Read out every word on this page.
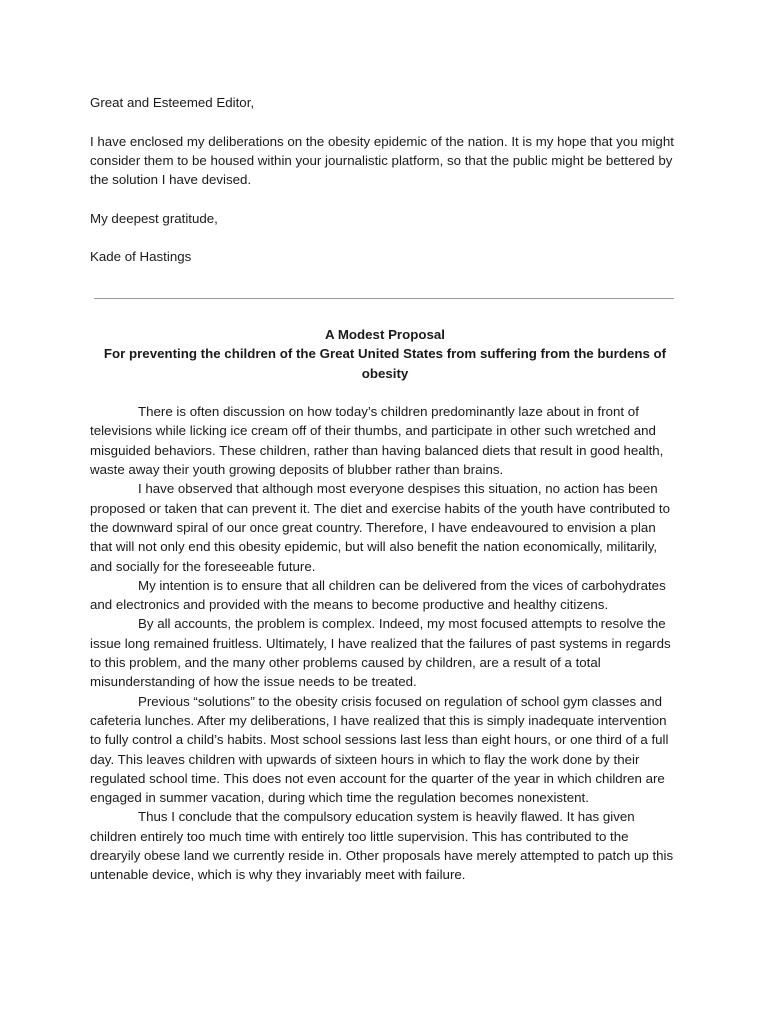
Great and Esteemed Editor,

I have enclosed my deliberations on the obesity epidemic of the nation. It is my hope that you might consider them to be housed within your journalistic platform, so that the public might be bettered by the solution I have devised.

My deepest gratitude,

Kade of Hastings

A Modest Proposal

For preventing the children of the Great United States from suffering from the burdens of obesity

There is often discussion on how today’s children predominantly laze about in front of televisions while licking ice cream off of their thumbs, and participate in other such wretched and misguided behaviors. These children, rather than having balanced diets that result in good health, waste away their youth growing deposits of blubber rather than brains.

I have observed that although most everyone despises this situation, no action has been proposed or taken that can prevent it. The diet and exercise habits of the youth have contributed to the downward spiral of our once great country. Therefore, I have endeavoured to envision a plan that will not only end this obesity epidemic, but will also benefit the nation economically, militarily, and socially for the foreseeable future.

My intention is to ensure that all children can be delivered from the vices of carbohydrates and electronics and provided with the means to become productive and healthy citizens.

By all accounts, the problem is complex. Indeed, my most focused attempts to resolve the issue long remained fruitless. Ultimately, I have realized that the failures of past systems in regards to this problem, and the many other problems caused by children, are a result of a total misunderstanding of how the issue needs to be treated.

Previous “solutions” to the obesity crisis focused on regulation of school gym classes and cafeteria lunches. After my deliberations, I have realized that this is simply inadequate intervention to fully control a child’s habits. Most school sessions last less than eight hours, or one third of a full day. This leaves children with upwards of sixteen hours in which to flay the work done by their regulated school time. This does not even account for the quarter of the year in which children are engaged in summer vacation, during which time the regulation becomes nonexistent.

Thus I conclude that the compulsory education system is heavily flawed. It has given children entirely too much time with entirely too little supervision. This has contributed to the drearyily obese land we currently reside in. Other proposals have merely attempted to patch up this untenable device, which is why they invariably meet with failure.
